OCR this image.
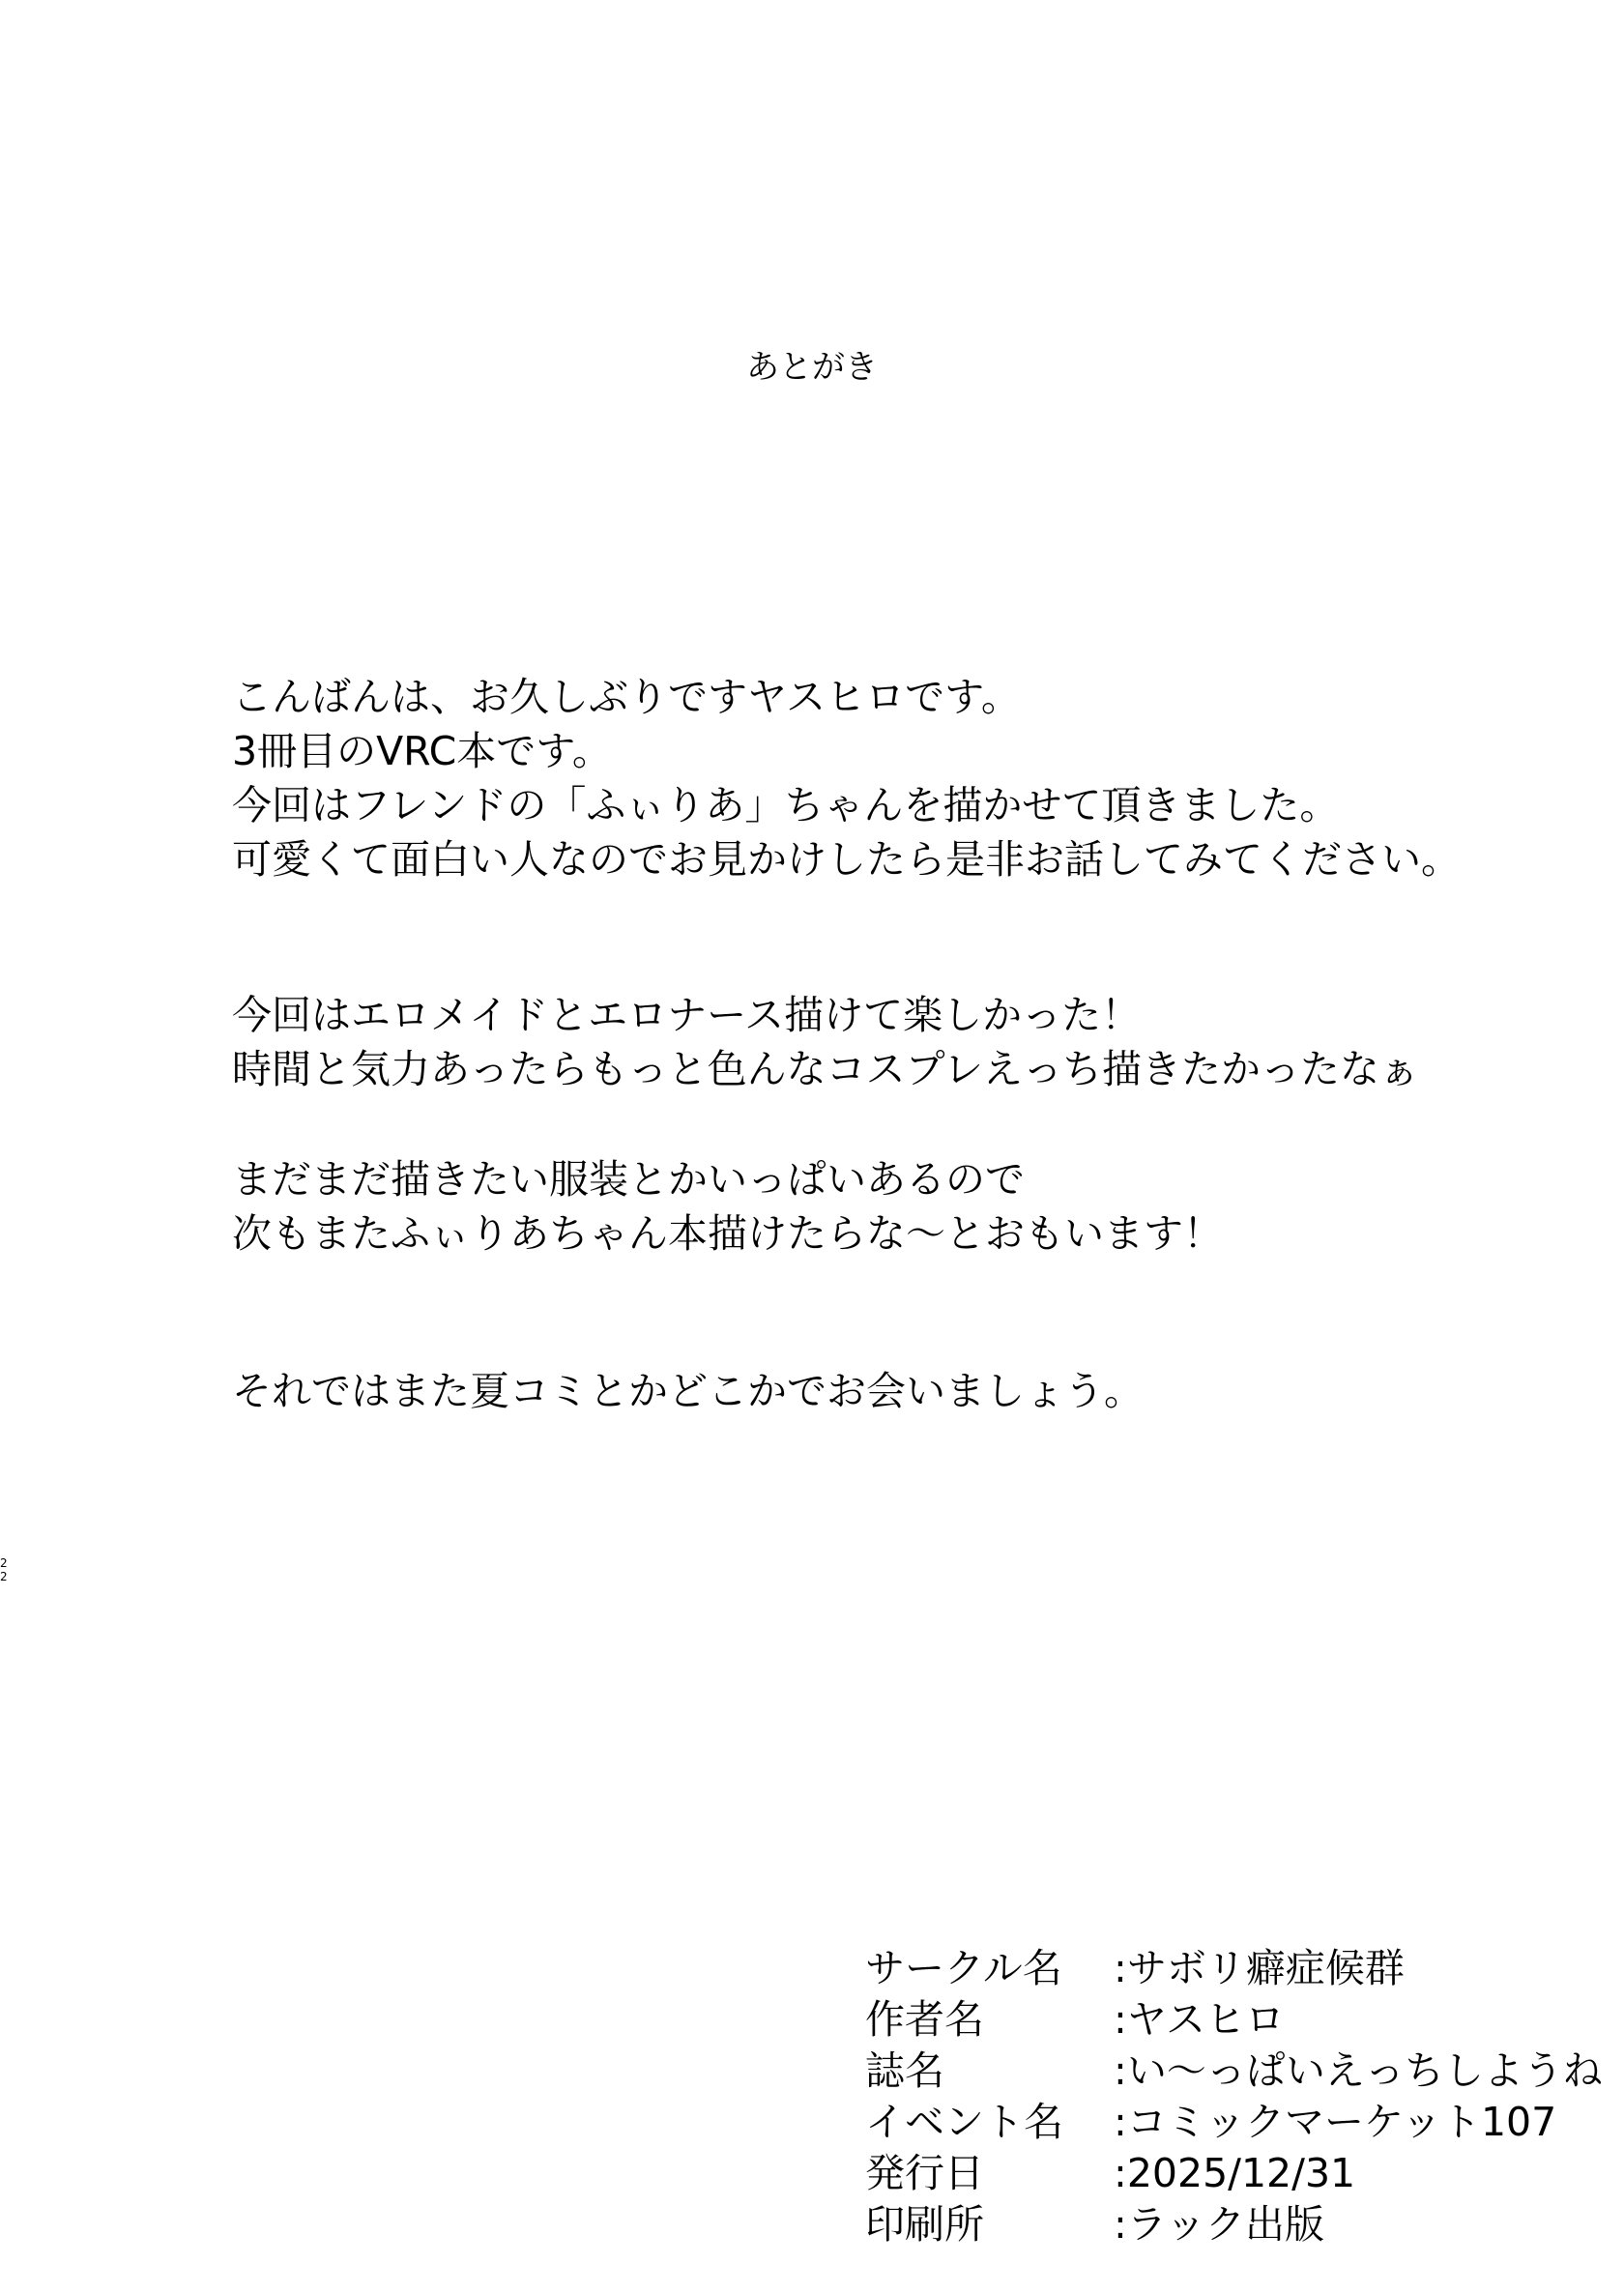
あとがき
こんばんは、お久しぶりですヤスヒロです。
3冊目のVRC本です。
今回はフレンドの「ふぃりあ」ちゃんを描かせて頂きました。
可愛くて面白い人なのでお見かけしたら是非お話してみてください。
今回はエロメイドとエロナース描けて楽しかった！
時間と気力あったらもっと色んなコスプレえっち描きたかったなぁ
まだまだ描きたい服装とかいっぱいあるので
次もまたふぃりあちゃん本描けたらな～とおもいます！
それではまた夏コミとかどこかでお会いましょう。
サークル名 :サボリ癖症候群
作者名	:ヤスヒロ
誌名	:い～っぱいえっちしようね
イベント名 :コミックマーケット107
発行日	:2025/12/31
印刷所	:ラック出版
2
2
